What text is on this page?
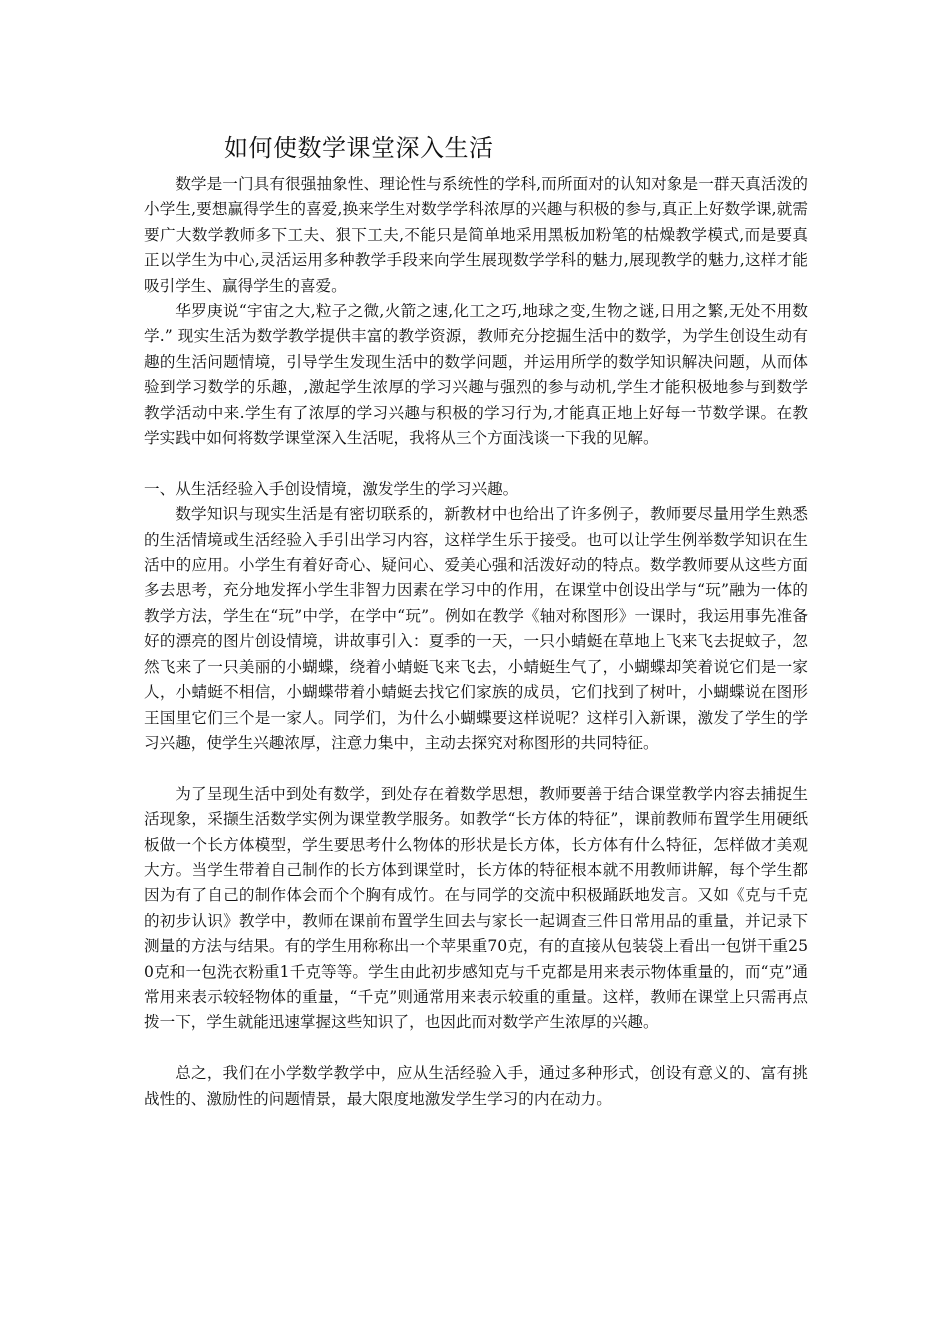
如何使数学课堂深入生活

数学是一门具有很强抽象性、理论性与系统性的学科,而所面对的认知对象是一群天真活泼的小学生,要想赢得学生的喜爱,换来学生对数学学科浓厚的兴趣与积极的参与,真正上好数学课,就需要广大数学教师多下工夫、狠下工夫,不能只是简单地采用黑板加粉笔的枯燥教学模式,而是要真正以学生为中心,灵活运用多种教学手段来向学生展现数学学科的魅力,展现教学的魅力,这样才能吸引学生、赢得学生的喜爱。

华罗庚说“宇宙之大,粒子之微,火箭之速,化工之巧,地球之变,生物之谜,日用之繁,无处不用数学.” 现实生活为数学教学提供丰富的教学资源，教师充分挖掘生活中的数学，为学生创设生动有趣的生活问题情境，引导学生发现生活中的数学问题，并运用所学的数学知识解决问题，从而体验到学习数学的乐趣，,激起学生浓厚的学习兴趣与强烈的参与动机,学生才能积极地参与到数学教学活动中来.学生有了浓厚的学习兴趣与积极的学习行为,才能真正地上好每一节数学课。在教学实践中如何将数学课堂深入生活呢，我将从三个方面浅谈一下我的见解。

一、从生活经验入手创设情境，激发学生的学习兴趣。

数学知识与现实生活是有密切联系的，新教材中也给出了许多例子，教师要尽量用学生熟悉的生活情境或生活经验入手引出学习内容，这样学生乐于接受。也可以让学生例举数学知识在生活中的应用。小学生有着好奇心、疑问心、爱美心强和活泼好动的特点。数学教师要从这些方面多去思考，充分地发挥小学生非智力因素在学习中的作用，在课堂中创设出学与“玩”融为一体的教学方法，学生在“玩”中学，在学中“玩”。例如在教学《轴对称图形》一课时，我运用事先准备好的漂亮的图片创设情境，讲故事引入：夏季的一天，一只小蜻蜓在草地上飞来飞去捉蚊子，忽然飞来了一只美丽的小蝴蝶，绕着小蜻蜓飞来飞去，小蜻蜓生气了，小蝴蝶却笑着说它们是一家人，小蜻蜓不相信，小蝴蝶带着小蜻蜓去找它们家族的成员，它们找到了树叶，小蝴蝶说在图形王国里它们三个是一家人。同学们，为什么小蝴蝶要这样说呢？这样引入新课，激发了学生的学习兴趣，使学生兴趣浓厚，注意力集中，主动去探究对称图形的共同特征。

为了呈现生活中到处有数学，到处存在着数学思想，教师要善于结合课堂教学内容去捕捉生活现象，采撷生活数学实例为课堂教学服务。如教学“长方体的特征”，课前教师布置学生用硬纸板做一个长方体模型，学生要思考什么物体的形状是长方体，长方体有什么特征，怎样做才美观大方。当学生带着自己制作的长方体到课堂时，长方体的特征根本就不用教师讲解，每个学生都因为有了自己的制作体会而个个胸有成竹。在与同学的交流中积极踊跃地发言。又如《克与千克的初步认识》教学中，教师在课前布置学生回去与家长一起调查三件日常用品的重量，并记录下测量的方法与结果。有的学生用称称出一个苹果重70克，有的直接从包装袋上看出一包饼干重250克和一包洗衣粉重1千克等等。学生由此初步感知克与千克都是用来表示物体重量的，而“克”通常用来表示较轻物体的重量，“千克”则通常用来表示较重的重量。这样，教师在课堂上只需再点拨一下，学生就能迅速掌握这些知识了，也因此而对数学产生浓厚的兴趣。

总之，我们在小学数学教学中，应从生活经验入手，通过多种形式，创设有意义的、富有挑战性的、激励性的问题情景，最大限度地激发学生学习的内在动力。
